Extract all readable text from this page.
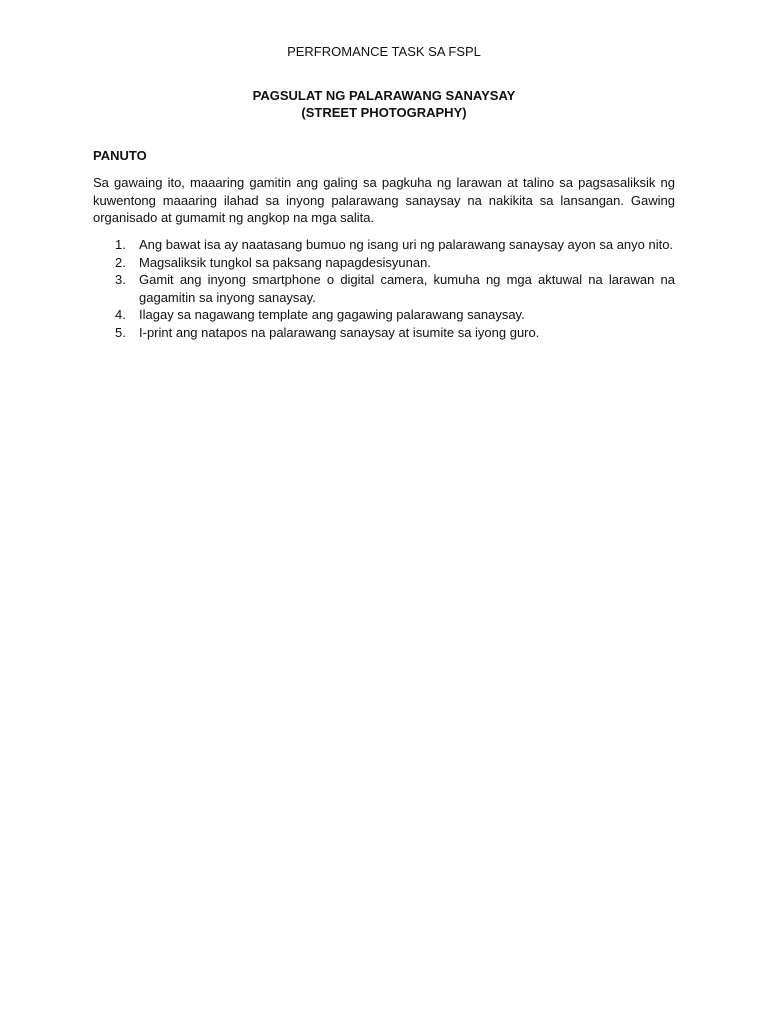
PERFROMANCE TASK SA FSPL
PAGSULAT NG PALARAWANG SANAYSAY
(STREET PHOTOGRAPHY)
PANUTO
Sa gawaing ito, maaaring gamitin ang galing sa pagkuha ng larawan at talino sa pagsasaliksik ng kuwentong maaaring ilahad sa inyong palarawang sanaysay na nakikita sa lansangan. Gawing organisado at gumamit ng angkop na mga salita.
1. Ang bawat isa ay naatasang bumuo ng isang uri ng palarawang sanaysay ayon sa anyo nito.
2. Magsaliksik tungkol sa paksang napagdesisyunan.
3. Gamit ang inyong smartphone o digital camera, kumuha ng mga aktuwal na larawan na gagamitin sa inyong sanaysay.
4. Ilagay sa nagawang template ang gagawing palarawang sanaysay.
5. I-print ang natapos na palarawang sanaysay at isumite sa iyong guro.
